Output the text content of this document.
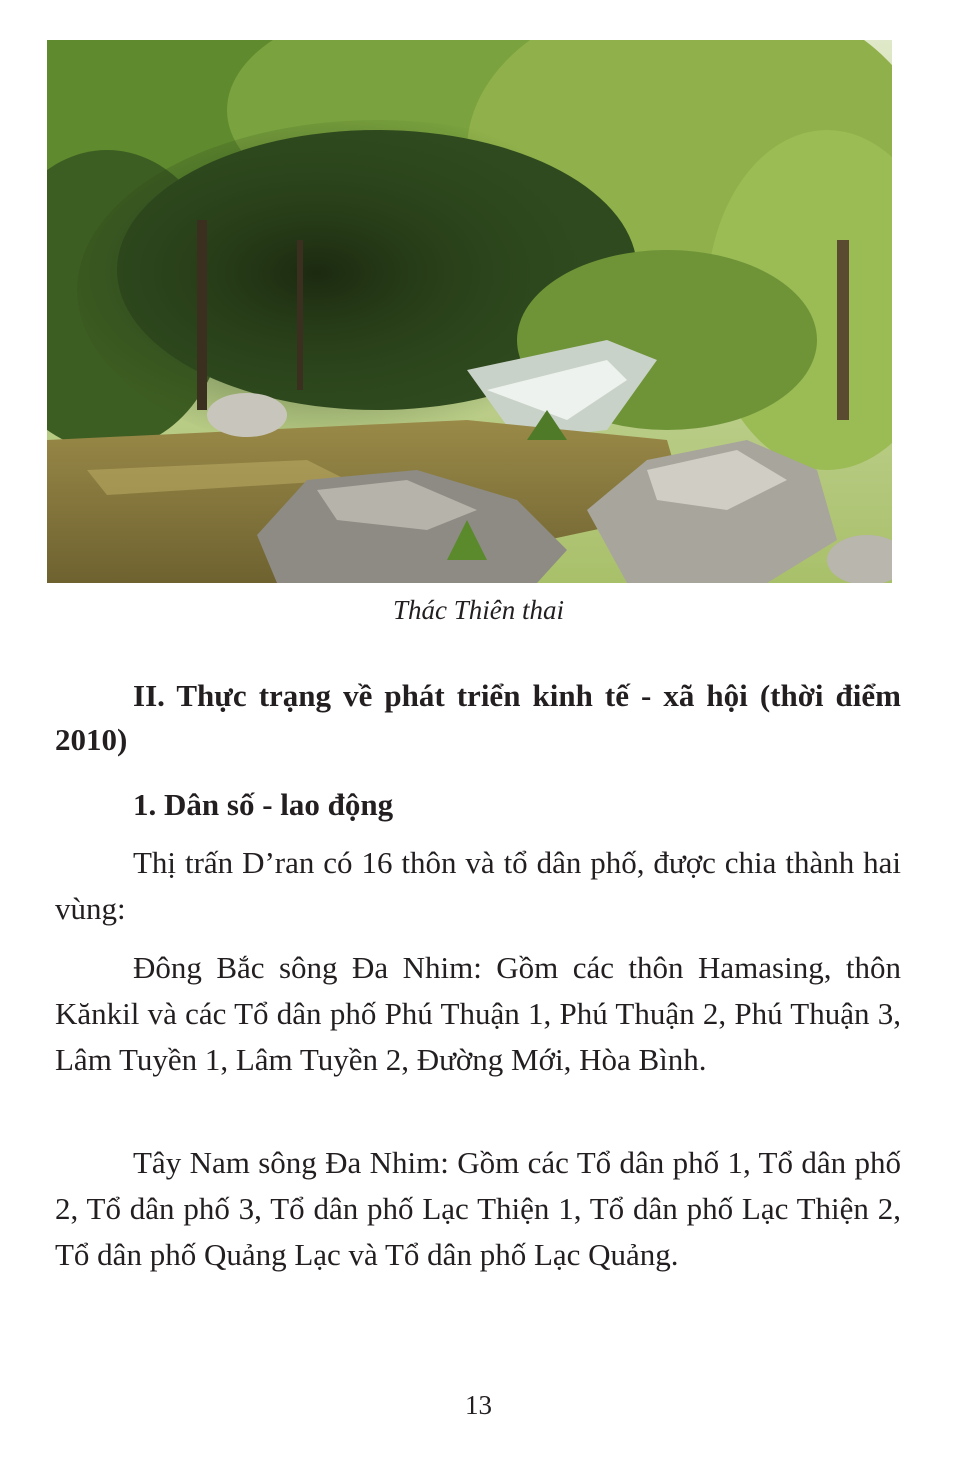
Thác Thiên thai
II. Thực trạng về phát triển kinh tế - xã hội (thời điểm 2010)
1. Dân số - lao động
Thị trấn D’ran có 16 thôn và tổ dân phố, được chia thành hai vùng:
Đông Bắc sông Đa Nhim: Gồm các thôn Hamasing, thôn Kănkil và các Tổ dân phố Phú Thuận 1, Phú Thuận 2, Phú Thuận 3, Lâm Tuyền 1, Lâm Tuyền 2, Đường Mới, Hòa Bình.
Tây Nam sông Đa Nhim: Gồm các Tổ dân phố 1, Tổ dân phố 2, Tổ dân phố 3, Tổ dân phố Lạc Thiện 1, Tổ dân phố Lạc Thiện 2, Tổ dân phố Quảng Lạc và Tổ dân phố Lạc Quảng.
13
